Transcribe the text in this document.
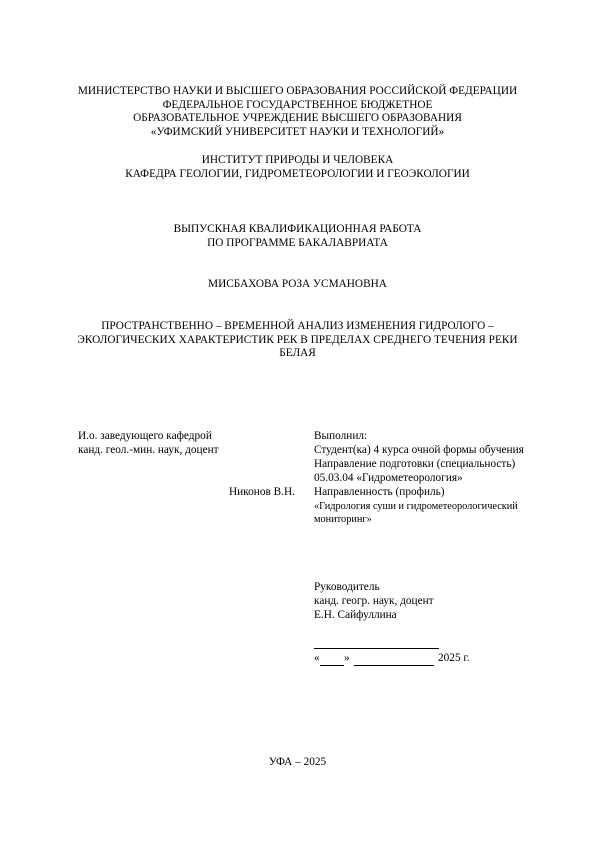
МИНИСТЕРСТВО НАУКИ И ВЫСШЕГО ОБРАЗОВАНИЯ РОССИЙСКОЙ ФЕДЕРАЦИИ
ФЕДЕРАЛЬНОЕ ГОСУДАРСТВЕННОЕ БЮДЖЕТНОЕ
ОБРАЗОВАТЕЛЬНОЕ УЧРЕЖДЕНИЕ ВЫСШЕГО ОБРАЗОВАНИЯ
«УФИМСКИЙ УНИВЕРСИТЕТ НАУКИ И ТЕХНОЛОГИЙ»
ИНСТИТУТ ПРИРОДЫ И ЧЕЛОВЕКА
КАФЕДРА ГЕОЛОГИИ, ГИДРОМЕТЕОРОЛОГИИ И ГЕОЭКОЛОГИИ
ВЫПУСКНАЯ КВАЛИФИКАЦИОННАЯ РАБОТА
ПО ПРОГРАММЕ БАКАЛАВРИАТА
МИСБАХОВА РОЗА УСМАНОВНА
ПРОСТРАНСТВЕННО – ВРЕМЕННОЙ АНАЛИЗ ИЗМЕНЕНИЯ ГИДРОЛОГО –
ЭКОЛОГИЧЕСКИХ ХАРАКТЕРИСТИК РЕК В ПРЕДЕЛАХ СРЕДНЕГО ТЕЧЕНИЯ РЕКИ
БЕЛАЯ
И.о. заведующего кафедрой
канд. геол.-мин. наук, доцент
Никонов В.Н.
Выполнил:
Студент(ка) 4 курса очной формы обучения
Направление подготовки (специальность)
05.03.04 «Гидрометеорология»
Направленность (профиль)
«Гидрология суши и гидрометеорологический
мониторинг»
Руководитель
канд. геогр. наук, доцент
Е.Н. Сайфуллина
« »	2025 г.
УФА – 2025
